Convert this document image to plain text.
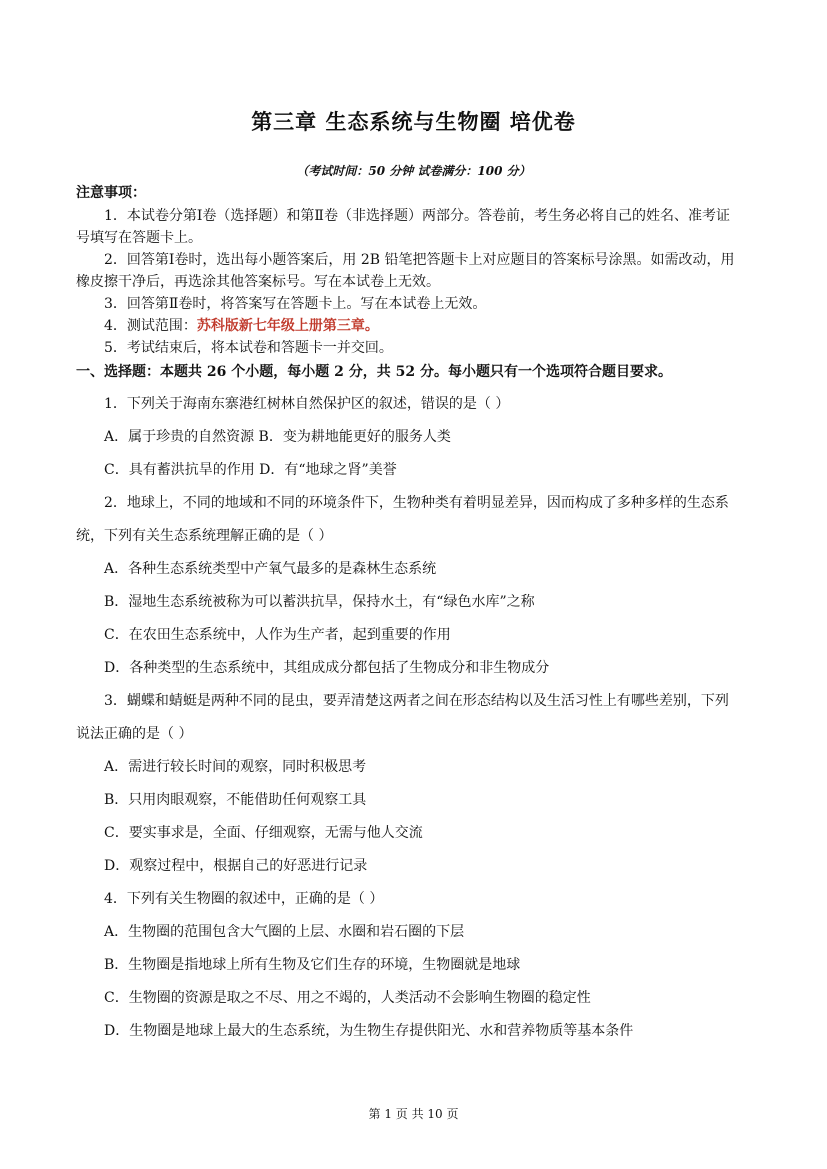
第三章 生态系统与生物圈 培优卷
（考试时间：50 分钟 试卷满分：100 分）
注意事项：
1．本试卷分第Ⅰ卷（选择题）和第Ⅱ卷（非选择题）两部分。答卷前，考生务必将自己的姓名、准考证
号填写在答题卡上。
2．回答第Ⅰ卷时，选出每小题答案后，用 2B 铅笔把答题卡上对应题目的答案标号涂黑。如需改动，用
橡皮擦干净后，再选涂其他答案标号。写在本试卷上无效。
3．回答第Ⅱ卷时，将答案写在答题卡上。写在本试卷上无效。
4．测试范围：苏科版新七年级上册第三章。
5．考试结束后，将本试卷和答题卡一并交回。
一、选择题：本题共 26 个小题，每小题 2 分，共 52 分。每小题只有一个选项符合题目要求。
1．下列关于海南东寨港红树林自然保护区的叙述，错误的是（ ）
A．属于珍贵的自然资源 B．变为耕地能更好的服务人类
C．具有蓄洪抗旱的作用 D．有“地球之肾”美誉
2．地球上，不同的地域和不同的环境条件下，生物种类有着明显差异，因而构成了多种多样的生态系
统，下列有关生态系统理解正确的是（ ）
A．各种生态系统类型中产氧气最多的是森林生态系统
B．湿地生态系统被称为可以蓄洪抗旱，保持水土，有“绿色水库”之称
C．在农田生态系统中，人作为生产者，起到重要的作用
D．各种类型的生态系统中，其组成成分都包括了生物成分和非生物成分
3．蝴蝶和蜻蜓是两种不同的昆虫，要弄清楚这两者之间在形态结构以及生活习性上有哪些差别，下列
说法正确的是（ ）
A．需进行较长时间的观察，同时积极思考
B．只用肉眼观察，不能借助任何观察工具
C．要实事求是，全面、仔细观察，无需与他人交流
D．观察过程中，根据自己的好恶进行记录
4．下列有关生物圈的叙述中，正确的是（ ）
A．生物圈的范围包含大气圈的上层、水圈和岩石圈的下层
B．生物圈是指地球上所有生物及它们生存的环境，生物圈就是地球
C．生物圈的资源是取之不尽、用之不竭的，人类活动不会影响生物圈的稳定性
D．生物圈是地球上最大的生态系统，为生物生存提供阳光、水和营养物质等基本条件
第 1 页 共 10 页
